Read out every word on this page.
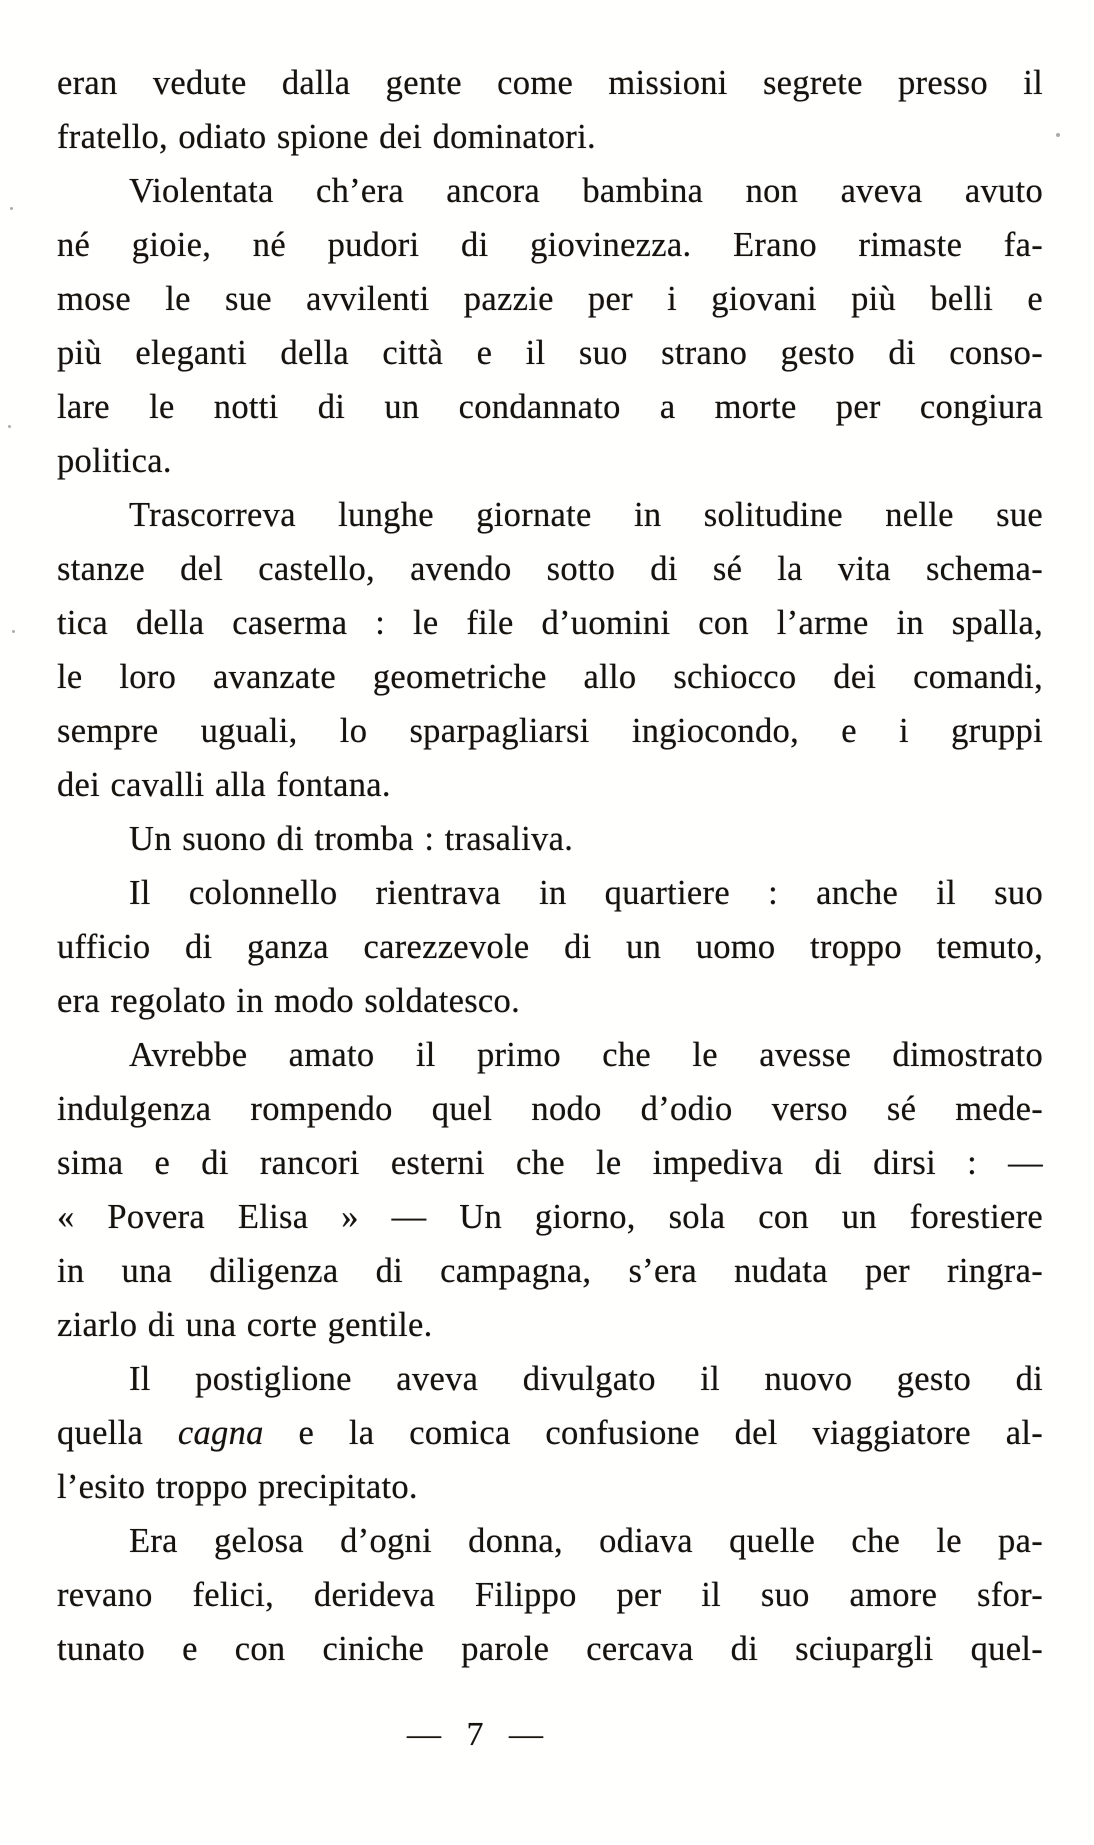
eran vedute dalla gente come missioni segrete presso il
fratello, odiato spione dei dominatori.
Violentata ch’era ancora bambina non aveva avuto
né gioie, né pudori di giovinezza. Erano rimaste fa-
mose le sue avvilenti pazzie per i giovani più belli e
più eleganti della città e il suo strano gesto di conso-
lare le notti di un condannato a morte per congiura
politica.
Trascorreva lunghe giornate in solitudine nelle sue
stanze del castello, avendo sotto di sé la vita schema-
tica della caserma : le file d’uomini con l’arme in spalla,
le loro avanzate geometriche allo schiocco dei comandi,
sempre uguali, lo sparpagliarsi ingiocondo, e i gruppi
dei cavalli alla fontana.
Un suono di tromba : trasaliva.
Il colonnello rientrava in quartiere : anche il suo
ufficio di ganza carezzevole di un uomo troppo temuto,
era regolato in modo soldatesco.
Avrebbe amato il primo che le avesse dimostrato
indulgenza rompendo quel nodo d’odio verso sé mede-
sima e di rancori esterni che le impediva di dirsi : —
« Povera Elisa » — Un giorno, sola con un forestiere
in una diligenza di campagna, s’era nudata per ringra-
ziarlo di una corte gentile.
Il postiglione aveva divulgato il nuovo gesto di
quella cagna e la comica confusione del viaggiatore al-
l’esito troppo precipitato.
Era gelosa d’ogni donna, odiava quelle che le pa-
revano felici, derideva Filippo per il suo amore sfor-
tunato e con ciniche parole cercava di sciupargli quel-
— 7 —
